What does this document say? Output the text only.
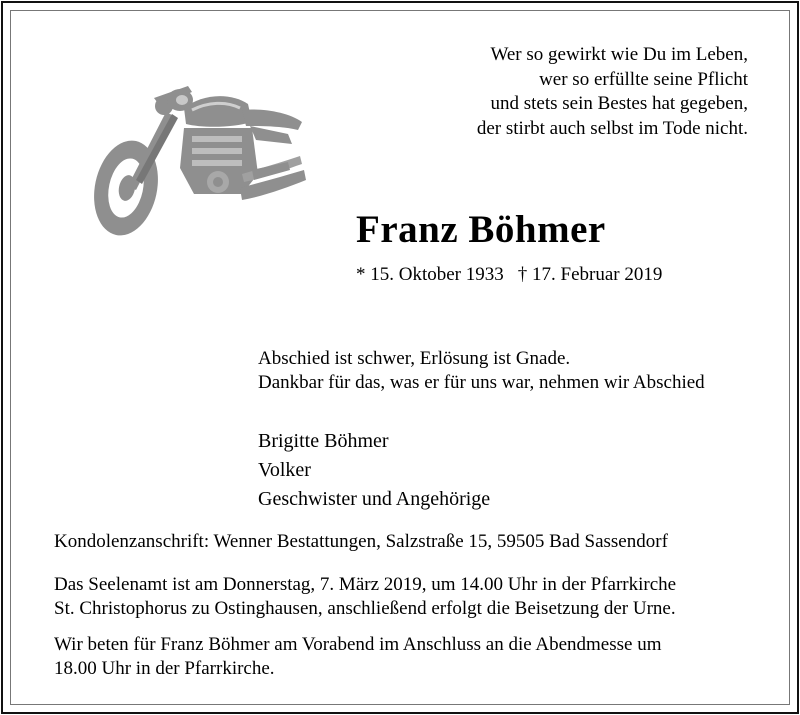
Wer so gewirkt wie Du im Leben,
wer so erfüllte seine Pflicht
und stets sein Bestes hat gegeben,
der stirbt auch selbst im Tode nicht.
Franz Böhmer
* 15. Oktober 1933 † 17. Februar 2019
Abschied ist schwer, Erlösung ist Gnade.
Dankbar für das, was er für uns war, nehmen wir Abschied
Brigitte Böhmer
Volker
Geschwister und Angehörige
Kondolenzanschrift: Wenner Bestattungen, Salzstraße 15, 59505 Bad Sassendorf
Das Seelenamt ist am Donnerstag, 7. März 2019, um 14.00 Uhr in der Pfarrkirche
St. Christophorus zu Ostinghausen, anschließend erfolgt die Beisetzung der Urne.
Wir beten für Franz Böhmer am Vorabend im Anschluss an die Abendmesse um
18.00 Uhr in der Pfarrkirche.
